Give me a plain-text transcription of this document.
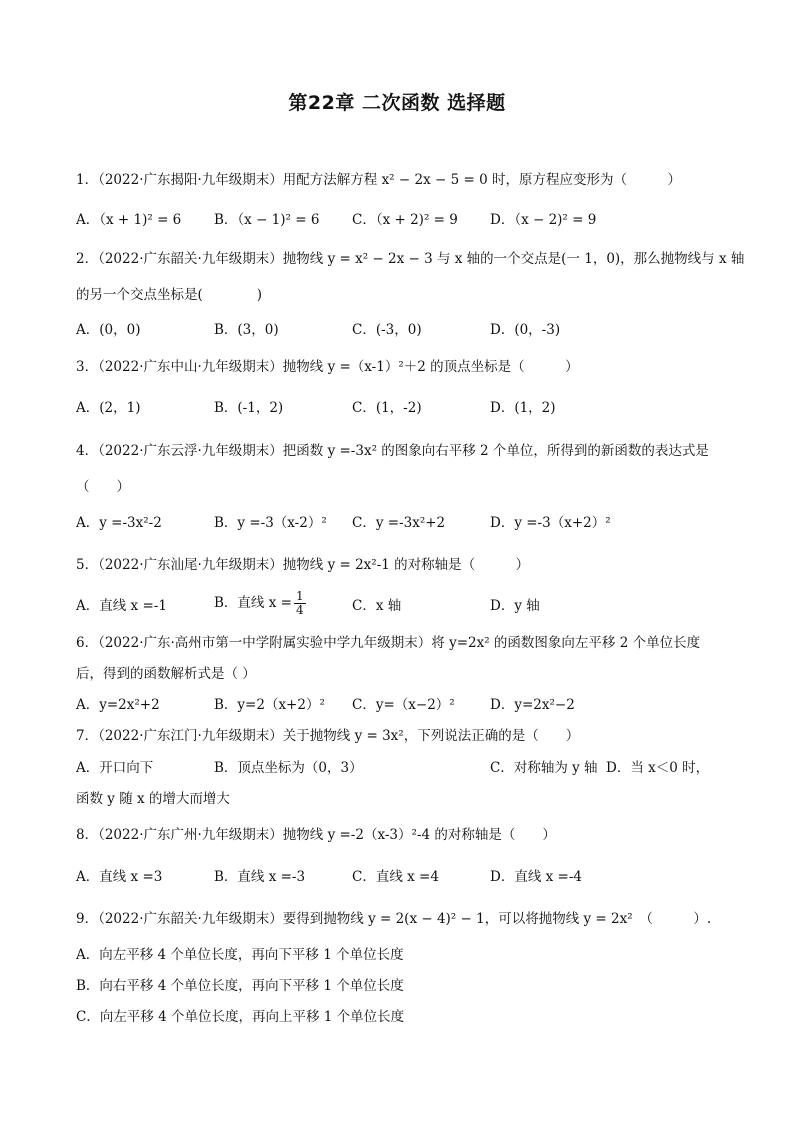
第22章 二次函数 选择题
1．（2022·广东揭阳·九年级期末）用配方法解方程 x² − 2x − 5 = 0 时，原方程应变形为（　　　）
A．（x + 1)² = 6 B．（x − 1)² = 6 C．（x + 2)² = 9 D．（x − 2)² = 9
2．（2022·广东韶关·九年级期末）抛物线 y = x² − 2x − 3 与 x 轴的一个交点是(一 1，0)，那么抛物线与 x 轴
的另一个交点坐标是(　　　　)
A．(0，0)	B．(3，0)	C．(-3，0)	D．(0，-3)
3．（2022·广东中山·九年级期末）抛物线 y =（x-1）²＋2 的顶点坐标是（　　　）
A．(2，1)	B．(-1，2)	C．(1，-2)	D．(1，2)
4．（2022·广东云浮·九年级期末）把函数 y =-3x² 的图象向右平移 2 个单位，所得到的新函数的表达式是
（　　）
A．y =-3x²-2	B．y =-3（x-2）² C．y =-3x²+2	D．y =-3（x+2）²
5．（2022·广东汕尾·九年级期末）抛物线 y = 2x²-1 的对称轴是（　　　）
A．直线 x =-1	B．直线 $x = \frac{1}{4}$	C．x 轴	D．y 轴
6．（2022·广东·高州市第一中学附属实验中学九年级期末）将 y=2x² 的函数图象向左平移 2 个单位长度
后，得到的函数解析式是（ ）
A．y=2x²+2	B．y=2（x+2）² C．y=（x−2）²	D．y=2x²−2
7．（2022·广东江门·九年级期末）关于抛物线 y = 3x²，下列说法正确的是（　　）
A．开口向下	B．顶点坐标为（0，3）	C．对称轴为 y 轴 D．当 x＜0 时，
函数 y 随 x 的增大而增大
8．（2022·广东广州·九年级期末）抛物线 y =-2（x-3）²-4 的对称轴是（　　）
A．直线 x =3	B．直线 x =-3	C．直线 x =4	D．直线 x =-4
9．（2022·广东韶关·九年级期末）要得到抛物线 y = 2(x − 4)² − 1，可以将抛物线 y = 2x²　（　　　）.
A．向左平移 4 个单位长度，再向下平移 1 个单位长度
B．向右平移 4 个单位长度，再向下平移 1 个单位长度
C．向左平移 4 个单位长度，再向上平移 1 个单位长度
